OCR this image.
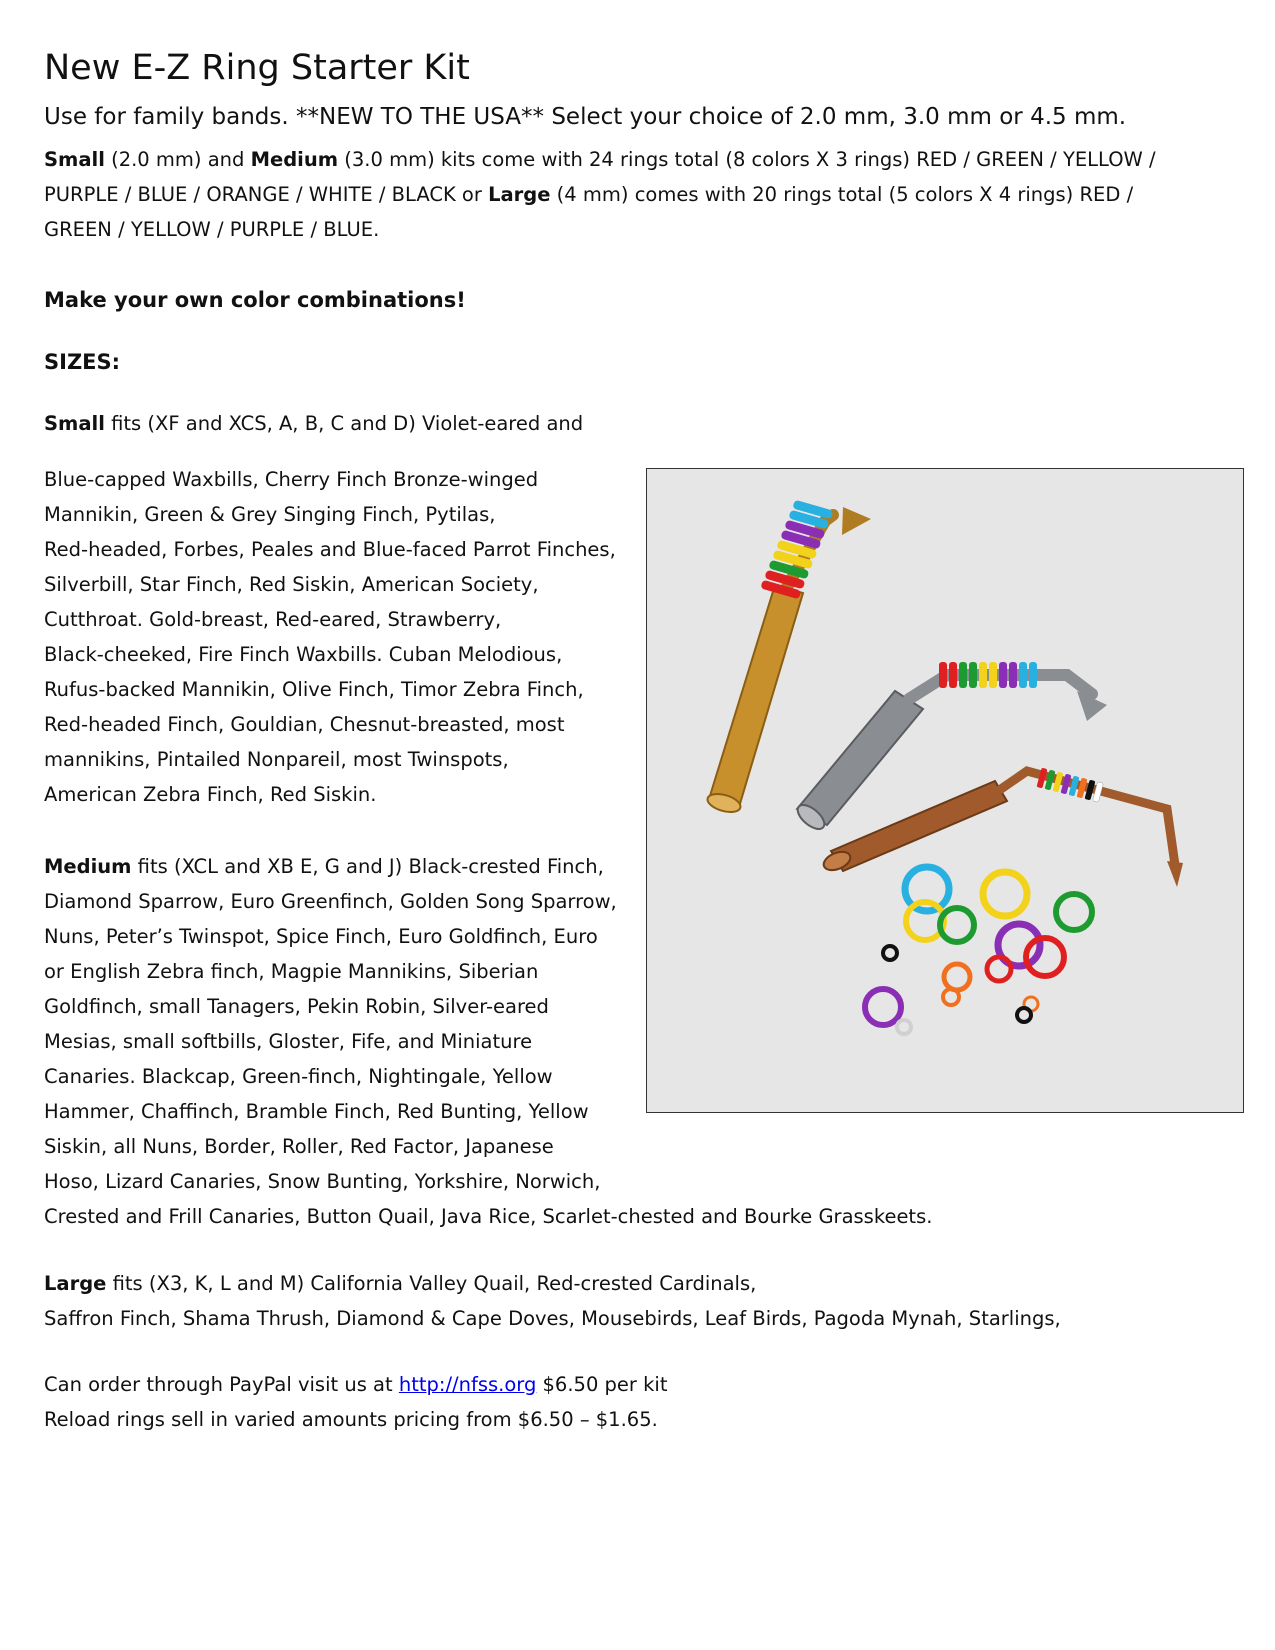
New E-Z Ring Starter Kit
Use for family bands. **NEW TO THE USA** Select your choice of 2.0 mm, 3.0 mm or 4.5 mm.
Small (2.0 mm) and Medium (3.0 mm) kits come with 24 rings total (8 colors X 3 rings) RED / GREEN / YELLOW /
PURPLE / BLUE / ORANGE / WHITE / BLACK or Large (4 mm) comes with 20 rings total (5 colors X 4 rings) RED /
GREEN / YELLOW / PURPLE / BLUE.
Make your own color combinations!
SIZES:
Small fits (XF and XCS, A, B, C and D) Violet-eared and
Blue-capped Waxbills, Cherry Finch Bronze-winged
Mannikin, Green & Grey Singing Finch, Pytilas,
Red-headed, Forbes, Peales and Blue-faced Parrot Finches,
Silverbill, Star Finch, Red Siskin, American Society,
Cutthroat. Gold-breast, Red-eared, Strawberry,
Black-cheeked, Fire Finch Waxbills. Cuban Melodious,
Rufus-backed Mannikin, Olive Finch, Timor Zebra Finch,
Red-headed Finch, Gouldian, Chesnut-breasted, most
mannikins, Pintailed Nonpareil, most Twinspots,
American Zebra Finch, Red Siskin.
Medium fits (XCL and XB E, G and J) Black-crested Finch,
Diamond Sparrow, Euro Greenfinch, Golden Song Sparrow,
Nuns, Peter’s Twinspot, Spice Finch, Euro Goldfinch, Euro
or English Zebra finch, Magpie Mannikins, Siberian
Goldfinch, small Tanagers, Pekin Robin, Silver-eared
Mesias, small softbills, Gloster, Fife, and Miniature
Canaries. Blackcap, Green-finch, Nightingale, Yellow
Hammer, Chaffinch, Bramble Finch, Red Bunting, Yellow
Siskin, all Nuns, Border, Roller, Red Factor, Japanese
Hoso, Lizard Canaries, Snow Bunting, Yorkshire, Norwich,
Crested and Frill Canaries, Button Quail, Java Rice, Scarlet-chested and Bourke Grasskeets.
Large fits (X3, K, L and M) California Valley Quail, Red-crested Cardinals,
Saffron Finch, Shama Thrush, Diamond & Cape Doves, Mousebirds, Leaf Birds, Pagoda Mynah, Starlings,
Can order through PayPal visit us at http://nfss.org $6.50 per kit
Reload rings sell in varied amounts pricing from $6.50 – $1.65.
